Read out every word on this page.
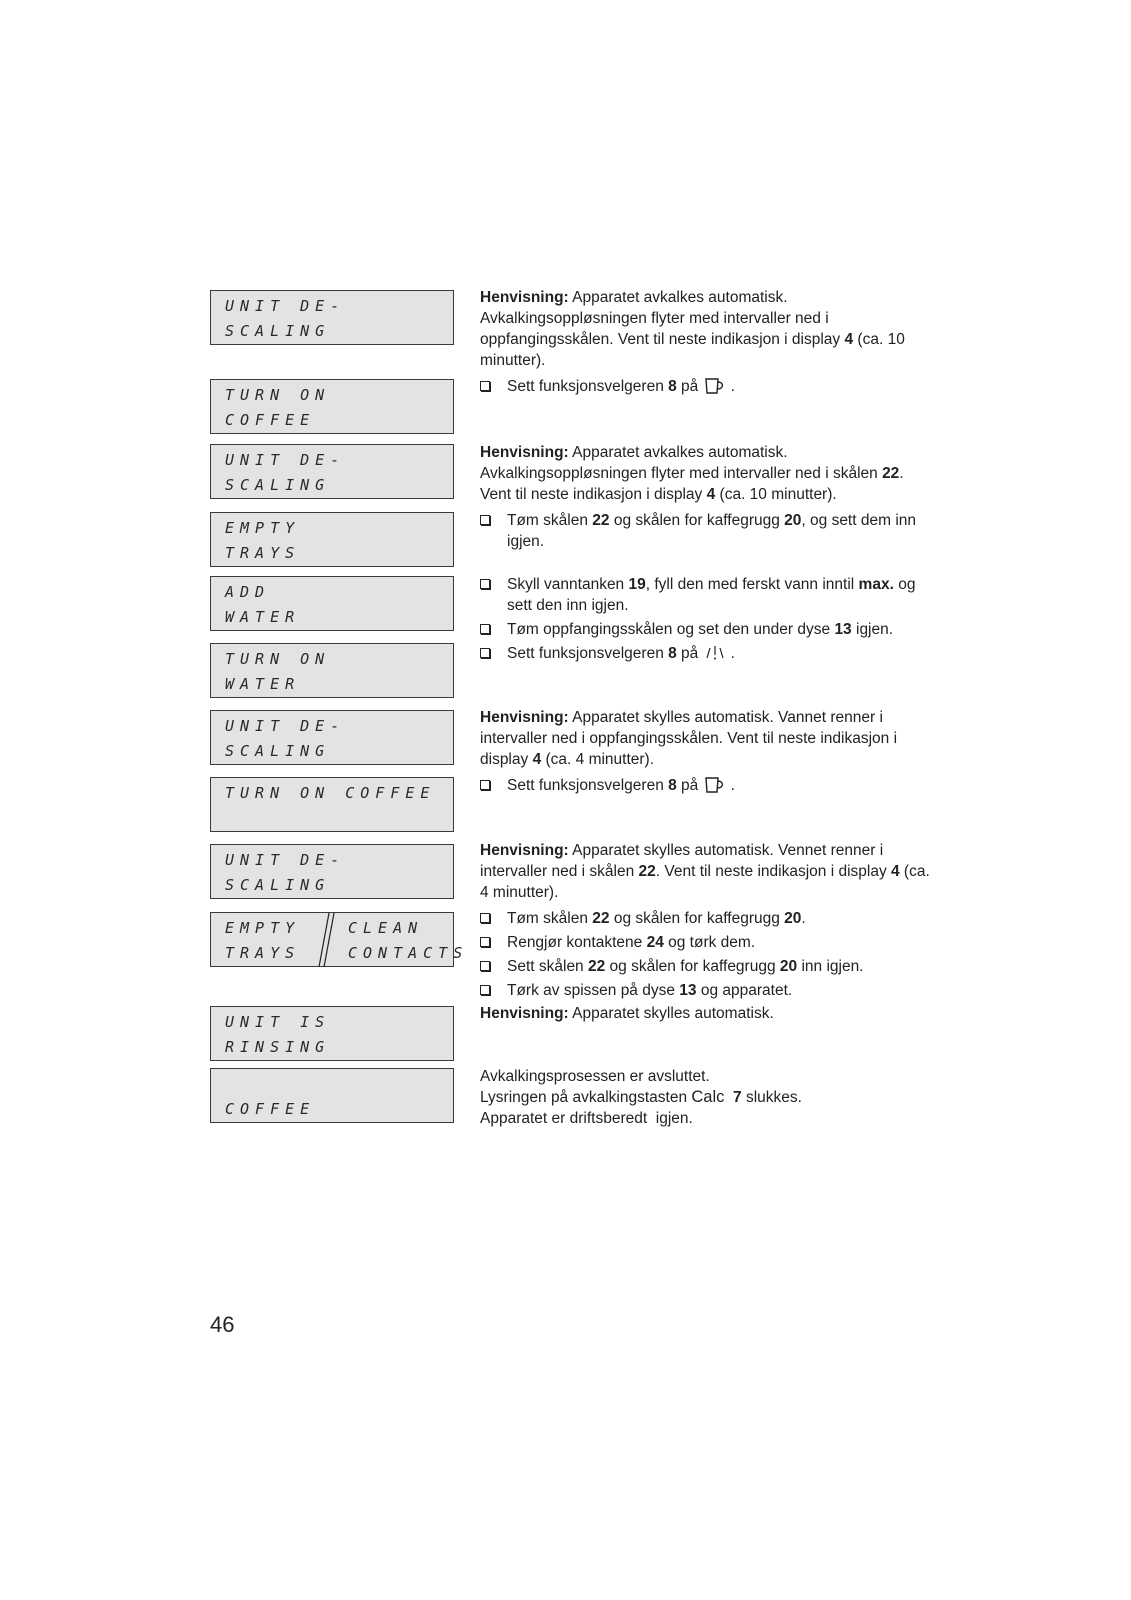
UNIT DE-
SCALING
TURN ON
COFFEE
UNIT DE-
SCALING
EMPTY
TRAYS
ADD
WATER
TURN ON
WATER
UNIT DE-
SCALING
TURN ON COFFEE
UNIT DE-
SCALING
EMPTY
TRAYS
CLEAN
CONTACTS
UNIT IS
RINSING
COFFEE

Henvisning: Apparatet avkalkes automatisk. Avkalkingsoppløsningen flyter med intervaller ned i oppfangingsskålen. Vent til neste indikasjon i display 4 (ca. 10 minutter).

Sett funksjonsvelgeren 8 på .

Henvisning: Apparatet avkalkes automatisk. Avkalkingsoppløsningen flyter med intervaller ned i skålen 22. Vent til neste indikasjon i display 4 (ca. 10 minutter).

Tøm skålen 22 og skålen for kaffegrugg 20, og sett dem inn igjen.

Skyll vanntanken 19, fyll den med ferskt vann inntil max. og sett den inn igjen.

Tøm oppfangingsskålen og set den under dyse 13 igjen.

Sett funksjonsvelgeren 8 på .

Henvisning: Apparatet skylles automatisk. Vannet renner i intervaller ned i oppfangingsskålen. Vent til neste indikasjon i display 4 (ca. 4 minutter).

Sett funksjonsvelgeren 8 på .

Henvisning: Apparatet skylles automatisk. Vennet renner i intervaller ned i skålen 22. Vent til neste indikasjon i display 4 (ca. 4 minutter).

Tøm skålen 22 og skålen for kaffegrugg 20.

Rengjør kontaktene 24 og tørk dem.

Sett skålen 22 og skålen for kaffegrugg 20 inn igjen.

Tørk av spissen på dyse 13 og apparatet.

Henvisning: Apparatet skylles automatisk.

Avkalkingsprosessen er avsluttet.

Lysringen på avkalkingstasten Calc 7 slukkes.

Apparatet er driftsberedt  igjen.

46
